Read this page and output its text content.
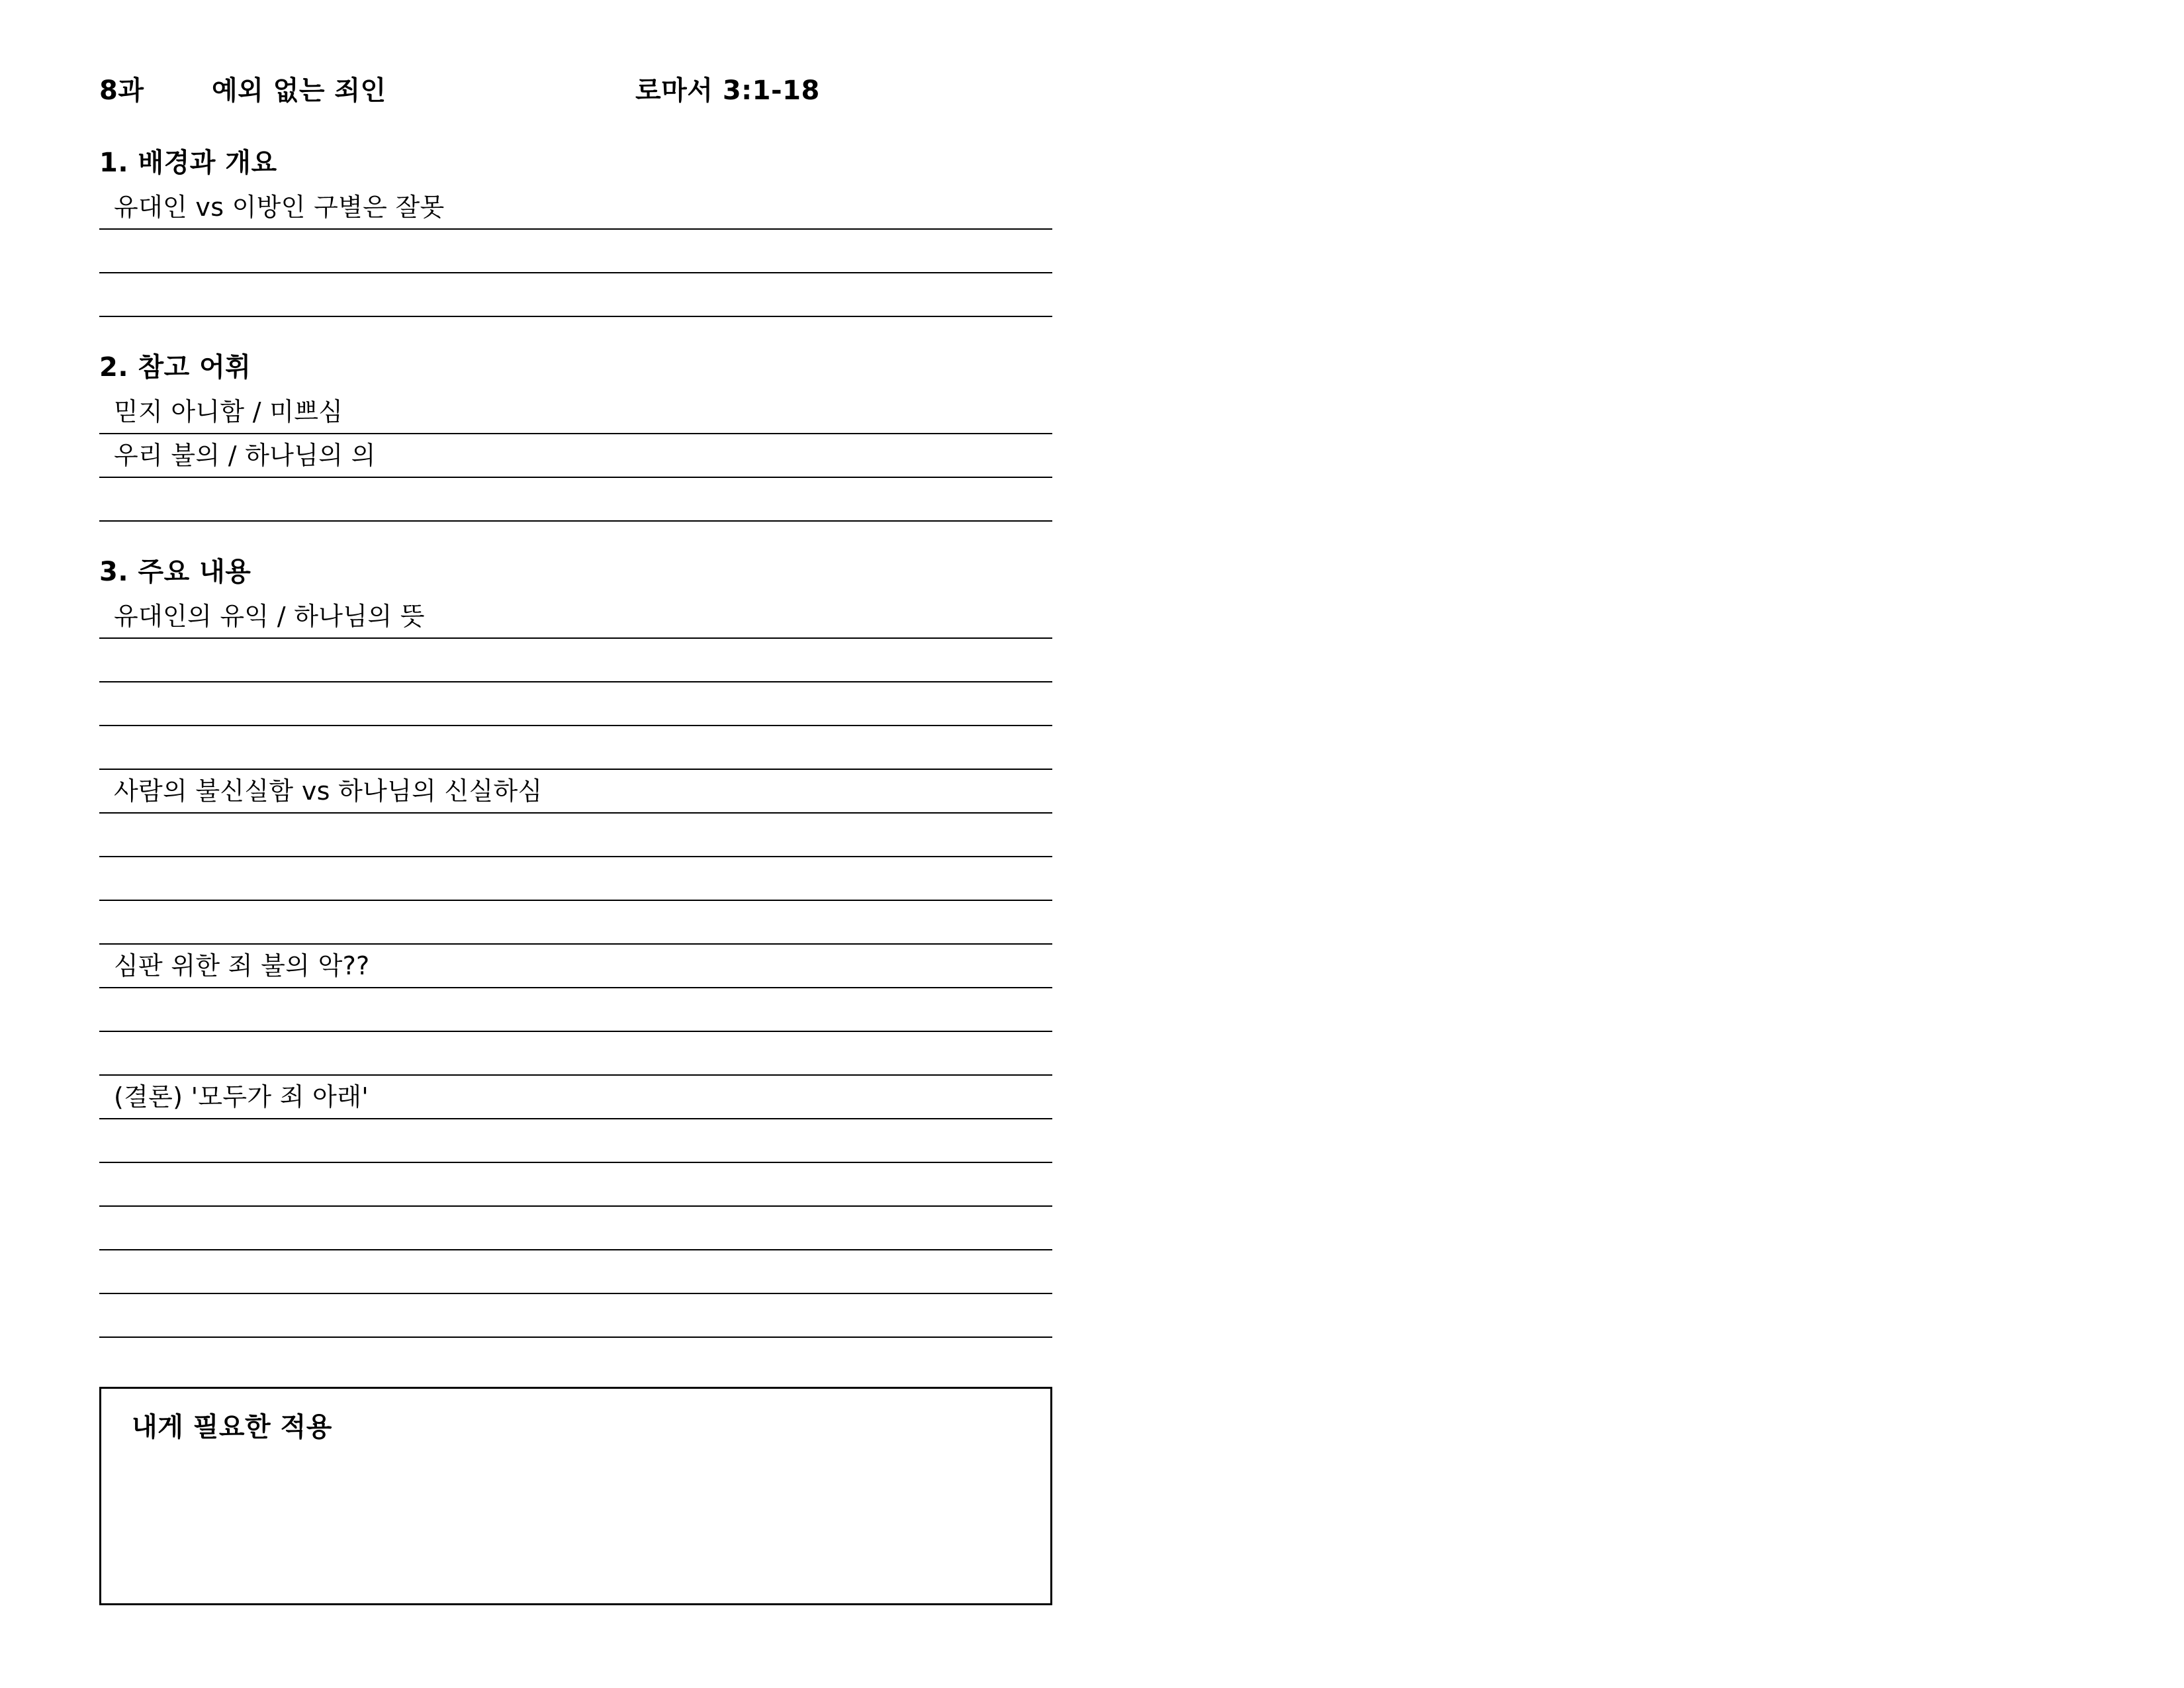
8과	예외 없는 죄인	로마서 3:1-18
1. 배경과 개요
유대인 vs 이방인 구별은 잘못
2. 참고 어휘
믿지 아니함 / 미쁘심
우리 불의 / 하나님의 의
3. 주요 내용
유대인의 유익 / 하나님의 뜻
사람의 불신실함 vs 하나님의 신실하심
심판 위한 죄 불의 악??
(결론) '모두가 죄 아래'
내게 필요한 적용
